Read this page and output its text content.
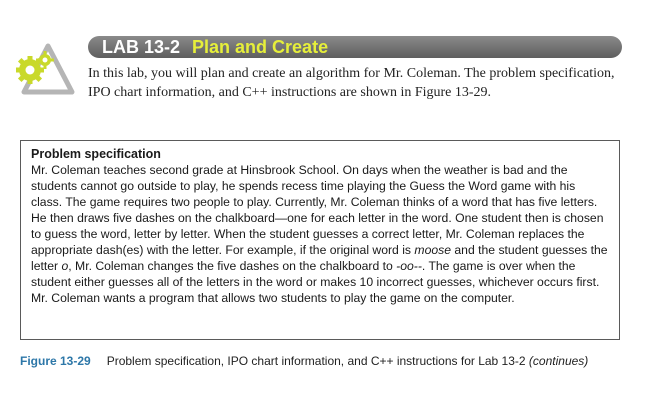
LAB 13-2 Plan and Create
In this lab, you will plan and create an algorithm for Mr. Coleman. The problem specification, IPO chart information, and C++ instructions are shown in Figure 13-29.
Problem specification
Mr. Coleman teaches second grade at Hinsbrook School. On days when the weather is bad and the students cannot go outside to play, he spends recess time playing the Guess the Word game with his class. The game requires two people to play. Currently, Mr. Coleman thinks of a word that has five letters. He then draws five dashes on the chalkboard—one for each letter in the word. One student then is chosen to guess the word, letter by letter. When the student guesses a correct letter, Mr. Coleman replaces the appropriate dash(es) with the letter. For example, if the original word is moose and the student guesses the letter o, Mr. Coleman changes the five dashes on the chalkboard to -oo--. The game is over when the student either guesses all of the letters in the word or makes 10 incorrect guesses, whichever occurs first. Mr. Coleman wants a program that allows two students to play the game on the computer.
Figure 13-29 Problem specification, IPO chart information, and C++ instructions for Lab 13-2 (continues)
